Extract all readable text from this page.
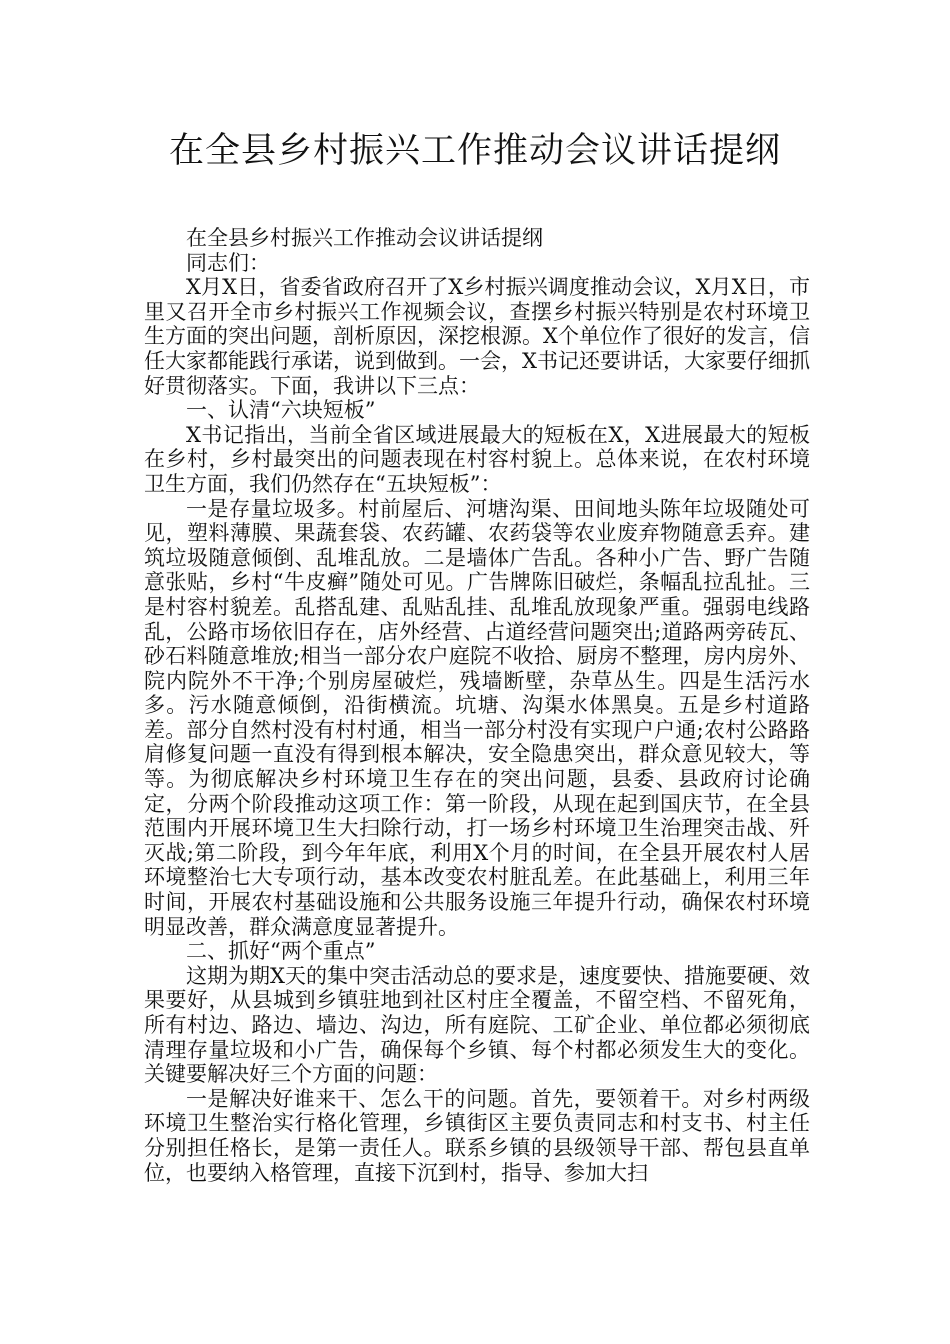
在全县乡村振兴工作推动会议讲话提纲

在全县乡村振兴工作推动会议讲话提纲

同志们：

X月X日，省委省政府召开了X乡村振兴调度推动会议，X月X日，市里又召开全市乡村振兴工作视频会议，查摆乡村振兴特别是农村环境卫生方面的突出问题，剖析原因，深挖根源。X个单位作了很好的发言，信任大家都能践行承诺，说到做到。一会，X书记还要讲话，大家要仔细抓好贯彻落实。下面，我讲以下三点：

一、认清“六块短板”

X书记指出，当前全省区域进展最大的短板在X，X进展最大的短板在乡村，乡村最突出的问题表现在村容村貌上。总体来说，在农村环境卫生方面，我们仍然存在“五块短板”：

一是存量垃圾多。村前屋后、河塘沟渠、田间地头陈年垃圾随处可见，塑料薄膜、果蔬套袋、农药罐、农药袋等农业废弃物随意丢弃。建筑垃圾随意倾倒、乱堆乱放。二是墙体广告乱。各种小广告、野广告随意张贴，乡村“牛皮癣”随处可见。广告牌陈旧破烂，条幅乱拉乱扯。三是村容村貌差。乱搭乱建、乱贴乱挂、乱堆乱放现象严重。强弱电线路乱，公路市场依旧存在，店外经营、占道经营问题突出;道路两旁砖瓦、砂石料随意堆放;相当一部分农户庭院不收拾、厨房不整理，房内房外、院内院外不干净;个别房屋破烂，残墙断壁，杂草丛生。四是生活污水多。污水随意倾倒，沿街横流。坑塘、沟渠水体黑臭。五是乡村道路差。部分自然村没有村村通，相当一部分村没有实现户户通;农村公路路肩修复问题一直没有得到根本解决，安全隐患突出，群众意见较大，等等。为彻底解决乡村环境卫生存在的突出问题，县委、县政府讨论确定，分两个阶段推动这项工作：第一阶段，从现在起到国庆节，在全县范围内开展环境卫生大扫除行动，打一场乡村环境卫生治理突击战、歼灭战;第二阶段，到今年年底，利用X个月的时间，在全县开展农村人居环境整治七大专项行动，基本改变农村脏乱差。在此基础上，利用三年时间，开展农村基础设施和公共服务设施三年提升行动，确保农村环境明显改善，群众满意度显著提升。

二、抓好“两个重点”

这期为期X天的集中突击活动总的要求是，速度要快、措施要硬、效果要好，从县城到乡镇驻地到社区村庄全覆盖，不留空档、不留死角，所有村边、路边、墙边、沟边，所有庭院、工矿企业、单位都必须彻底清理存量垃圾和小广告，确保每个乡镇、每个村都必须发生大的变化。关键要解决好三个方面的问题：

一是解决好谁来干、怎么干的问题。首先，要领着干。对乡村两级环境卫生整治实行格化管理，乡镇街区主要负责同志和村支书、村主任分别担任格长，是第一责任人。联系乡镇的县级领导干部、帮包县直单位，也要纳入格管理，直接下沉到村，指导、参加大扫
